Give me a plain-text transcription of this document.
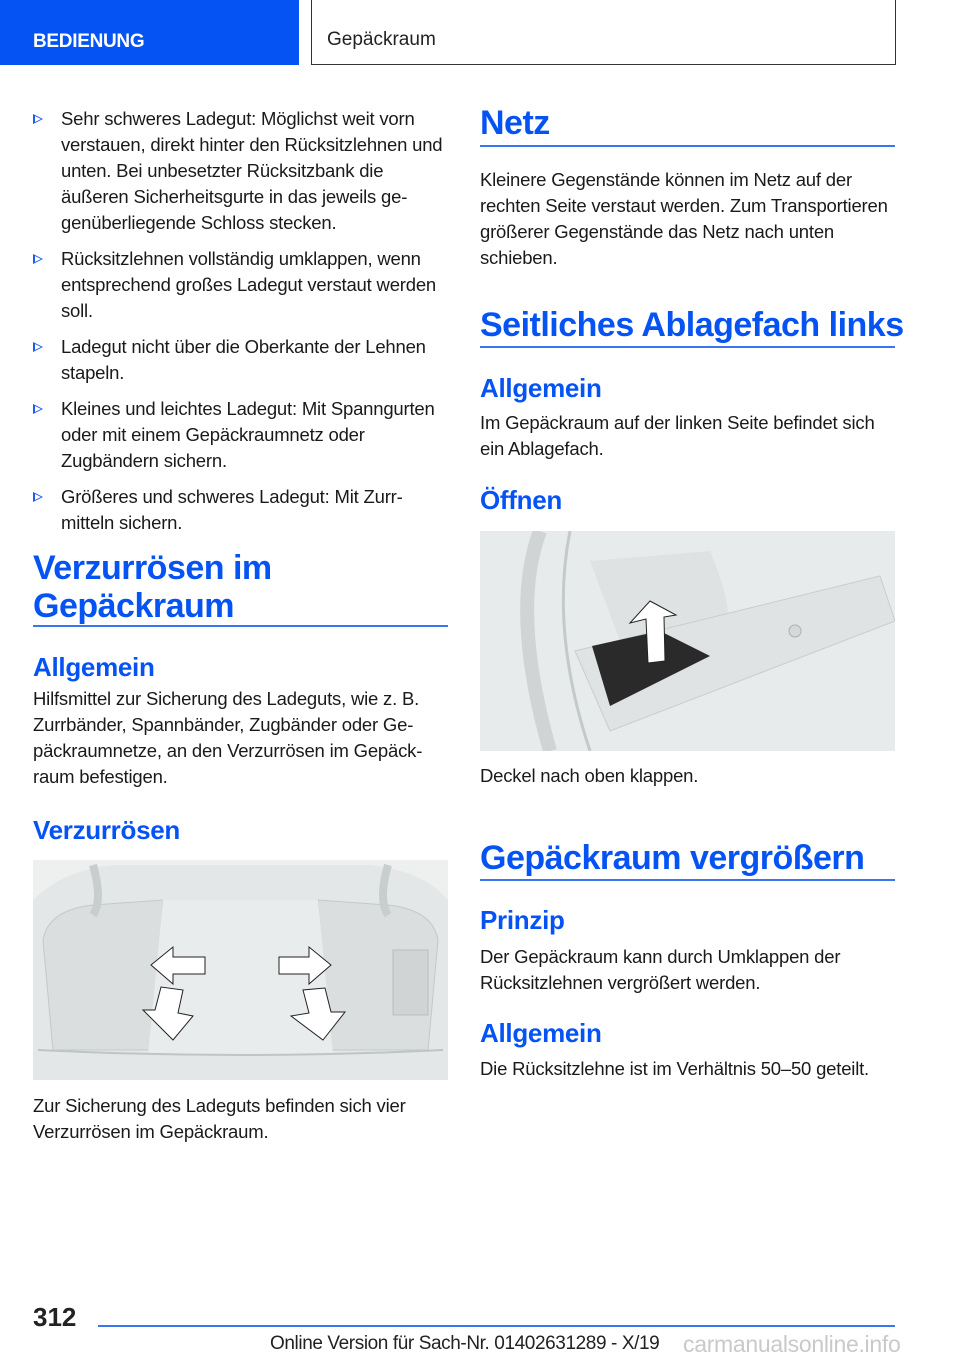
BEDIENUNG	Gepäckraum
Sehr schweres Ladegut: Möglichst weit vorn verstauen, direkt hinter den Rücksitzlehnen und unten. Bei unbesetzter Rücksitzbank die äußeren Sicherheitsgurte in das jeweils gegenüberliegende Schloss stecken.
Rücksitzlehnen vollständig umklappen, wenn entsprechend großes Ladegut verstaut werden soll.
Ladegut nicht über die Oberkante der Lehnen stapeln.
Kleines und leichtes Ladegut: Mit Spanngurten oder mit einem Gepäckraumnetz oder Zugbändern sichern.
Größeres und schweres Ladegut: Mit Zurrmitteln sichern.
Verzurrösen im
Gepäckraum
Allgemein
Hilfsmittel zur Sicherung des Ladeguts, wie z. B. Zurrbänder, Spannbänder, Zugbänder oder Gepäckraumnetze, an den Verzurrösen im Gepäckraum befestigen.
Verzurrösen
Zur Sicherung des Ladeguts befinden sich vier Verzurrösen im Gepäckraum.
Netz
Kleinere Gegenstände können im Netz auf der rechten Seite verstaut werden. Zum Transportieren größerer Gegenstände das Netz nach unten schieben.
Seitliches Ablagefach links
Allgemein
Im Gepäckraum auf der linken Seite befindet sich ein Ablagefach.
Öffnen
Deckel nach oben klappen.
Gepäckraum vergrößern
Prinzip
Der Gepäckraum kann durch Umklappen der Rücksitzlehnen vergrößert werden.
Allgemein
Die Rücksitzlehne ist im Verhältnis 50–50 geteilt.
312
Online Version für Sach-Nr. 01402631289 - X/19 carmanualsonline.info
